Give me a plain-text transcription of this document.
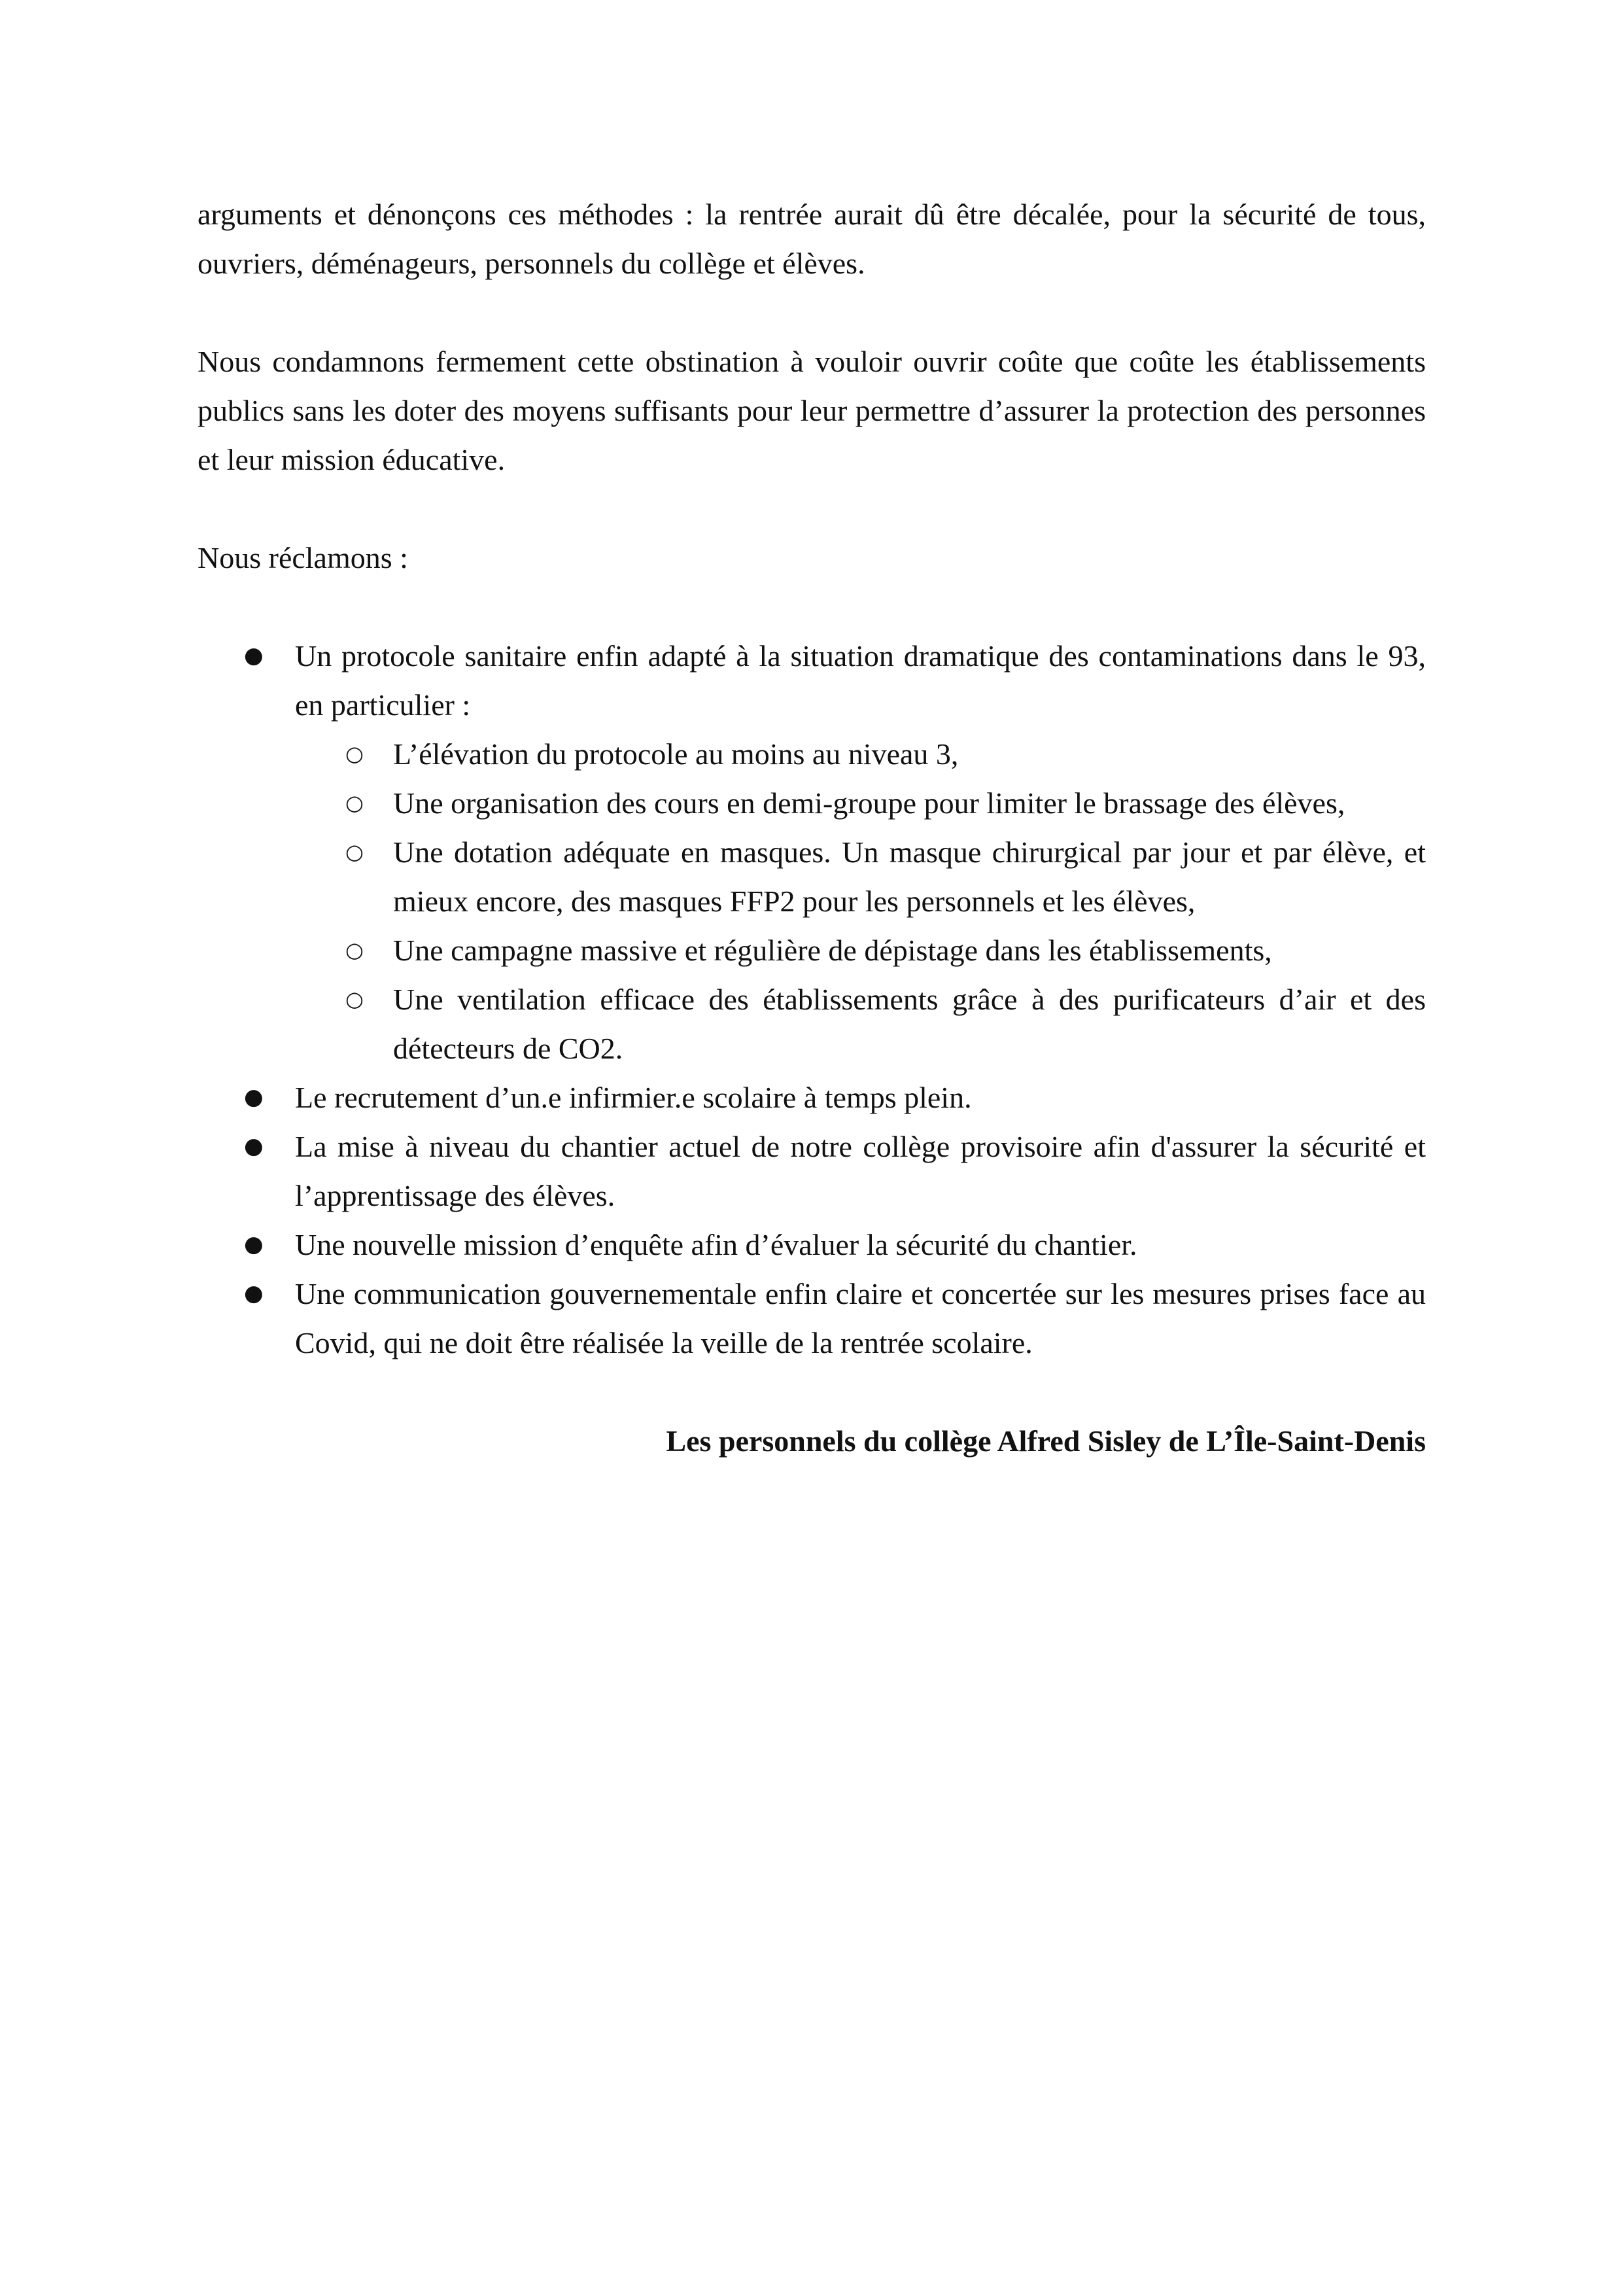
arguments et dénonçons ces méthodes : la rentrée aurait dû être décalée, pour la sécurité de tous, ouvriers, déménageurs, personnels du collège et élèves.

Nous condamnons fermement cette obstination à vouloir ouvrir coûte que coûte les établissements publics sans les doter des moyens suffisants pour leur permettre d’assurer la protection des personnes et leur mission éducative.

Nous réclamons :

● Un protocole sanitaire enfin adapté à la situation dramatique des contaminations dans le 93, en particulier :
○ L’élévation du protocole au moins au niveau 3,
○ Une organisation des cours en demi-groupe pour limiter le brassage des élèves,
○ Une dotation adéquate en masques. Un masque chirurgical par jour et par élève, et mieux encore, des masques FFP2 pour les personnels et les élèves,
○ Une campagne massive et régulière de dépistage dans les établissements,
○ Une ventilation efficace des établissements grâce à des purificateurs d’air et des détecteurs de CO2.
● Le recrutement d’un.e infirmier.e scolaire à temps plein.
● La mise à niveau du chantier actuel de notre collège provisoire afin d'assurer la sécurité et l’apprentissage des élèves.
● Une nouvelle mission d’enquête afin d’évaluer la sécurité du chantier.
● Une communication gouvernementale enfin claire et concertée sur les mesures prises face au Covid, qui ne doit être réalisée la veille de la rentrée scolaire.

Les personnels du collège Alfred Sisley de L’Île-Saint-Denis
